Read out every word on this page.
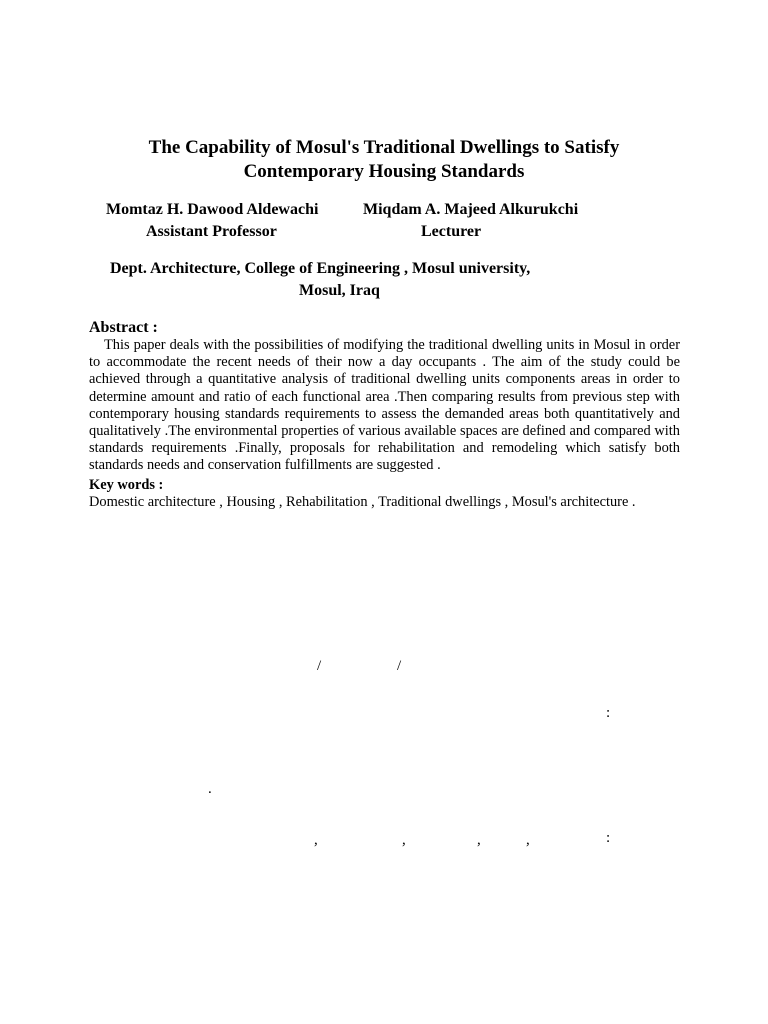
The Capability of Mosul's Traditional Dwellings to Satisfy
Contemporary Housing Standards
Momtaz H. Dawood Aldewachi
Assistant Professor
Miqdam A. Majeed Alkurukchi
Lecturer
Dept. Architecture, College of Engineering , Mosul university,
Mosul, Iraq
Abstract :

This paper deals with the possibilities of modifying the traditional dwelling units in Mosul in order to accommodate the recent needs of their now a day occupants . The aim of the study could be achieved through a quantitative analysis of traditional dwelling units components areas in order to determine amount and ratio of each functional area .Then comparing results from previous step with contemporary housing standards requirements to assess the demanded areas both quantitatively and qualitatively .The environmental properties of various available spaces are defined and compared with standards requirements .Finally, proposals for rehabilitation and remodeling which satisfy both standards needs and conservation fulfillments are suggested .

Key words :
Domestic architecture , Housing , Rehabilitation , Traditional dwellings , Mosul's architecture .
/	/
:
.
,	,	,	,	:
